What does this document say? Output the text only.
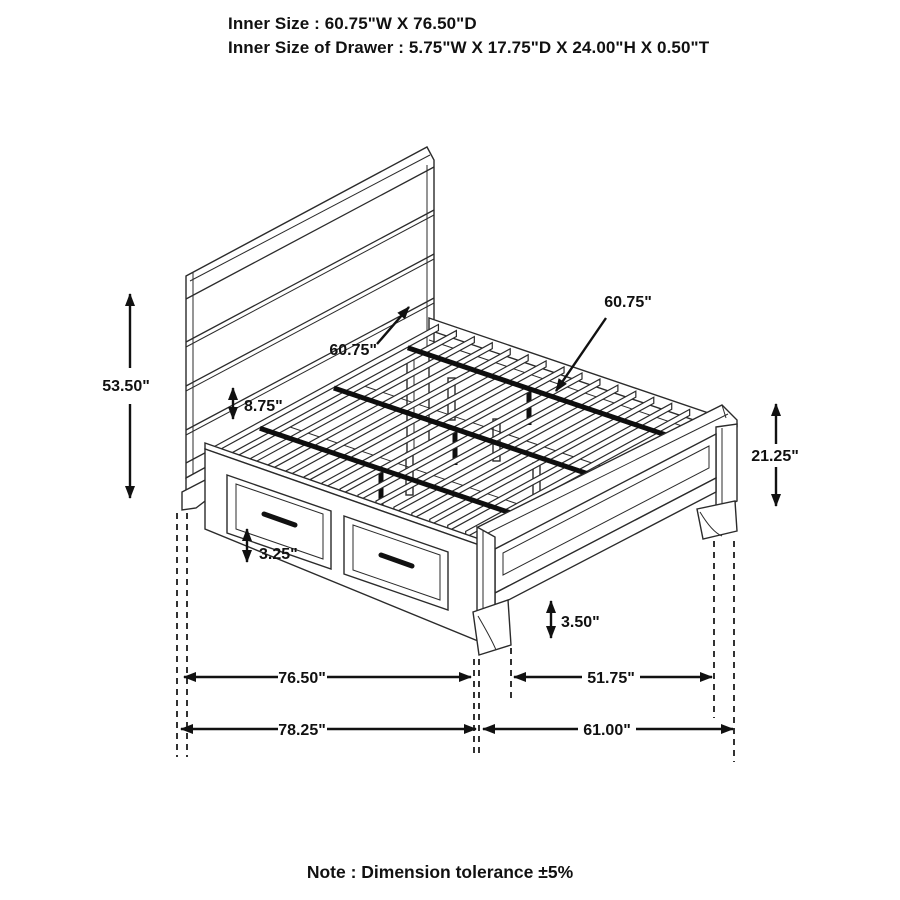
Inner Size : 60.75"W X 76.50"D
Inner Size of Drawer : 5.75"W X 17.75"D X 24.00"H X 0.50"T
53.50"
8.75"
60.75"
60.75"
21.25"
3.25"
3.50"
76.50"	51.75"
78.25"	61.00"
Note : Dimension tolerance ±5%
